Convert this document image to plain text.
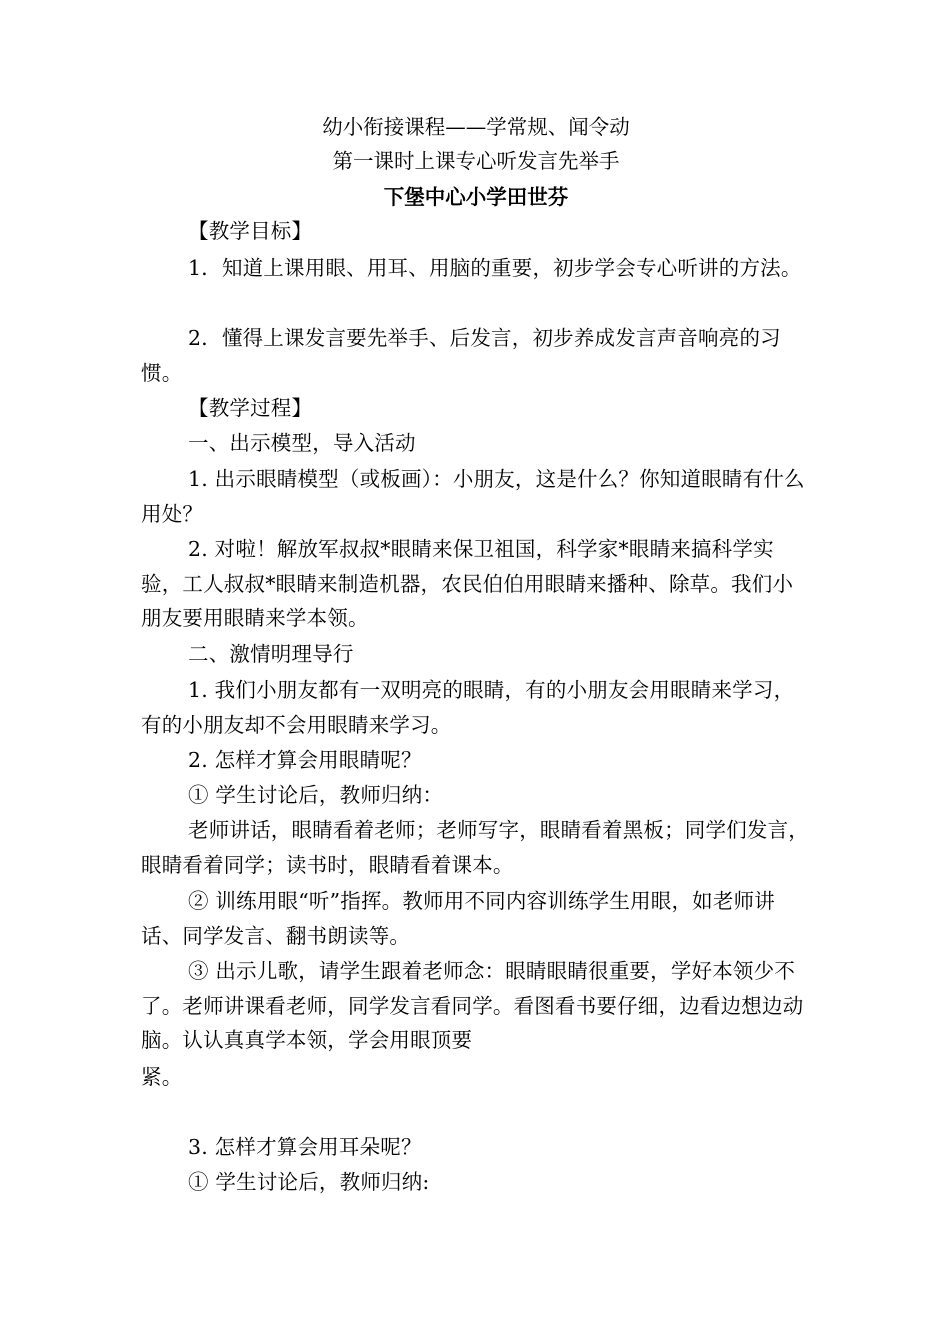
幼小衔接课程——学常规、闻令动
第一课时上课专心听发言先举手
下堡中心小学田世芬
【教学目标】
1．知道上课用眼、用耳、用脑的重要，初步学会专心听讲的方法。
2．懂得上课发言要先举手、后发言，初步养成发言声音响亮的习惯。
【教学过程】
一、出示模型，导入活动
1. 出示眼睛模型（或板画）：小朋友，这是什么？你知道眼睛有什么用处？
2. 对啦！解放军叔叔*眼睛来保卫祖国，科学家*眼睛来搞科学实验，工人叔叔*眼睛来制造机器，农民伯伯用眼睛来播种、除草。我们小朋友要用眼睛来学本领。
二、激情明理导行
1. 我们小朋友都有一双明亮的眼睛，有的小朋友会用眼睛来学习，有的小朋友却不会用眼睛来学习。
2. 怎样才算会用眼睛呢？
① 学生讨论后，教师归纳：
老师讲话，眼睛看着老师；老师写字，眼睛看着黑板；同学们发言，眼睛看着同学；读书时，眼睛看着课本。
② 训练用眼“听”指挥。教师用不同内容训练学生用眼，如老师讲话、同学发言、翻书朗读等。
③ 出示儿歌，请学生跟着老师念：眼睛眼睛很重要，学好本领少不了。老师讲课看老师，同学发言看同学。看图看书要仔细，边看边想边动脑。认认真真学本领，学会用眼顶要
紧。
3. 怎样才算会用耳朵呢？
① 学生讨论后，教师归纳:
